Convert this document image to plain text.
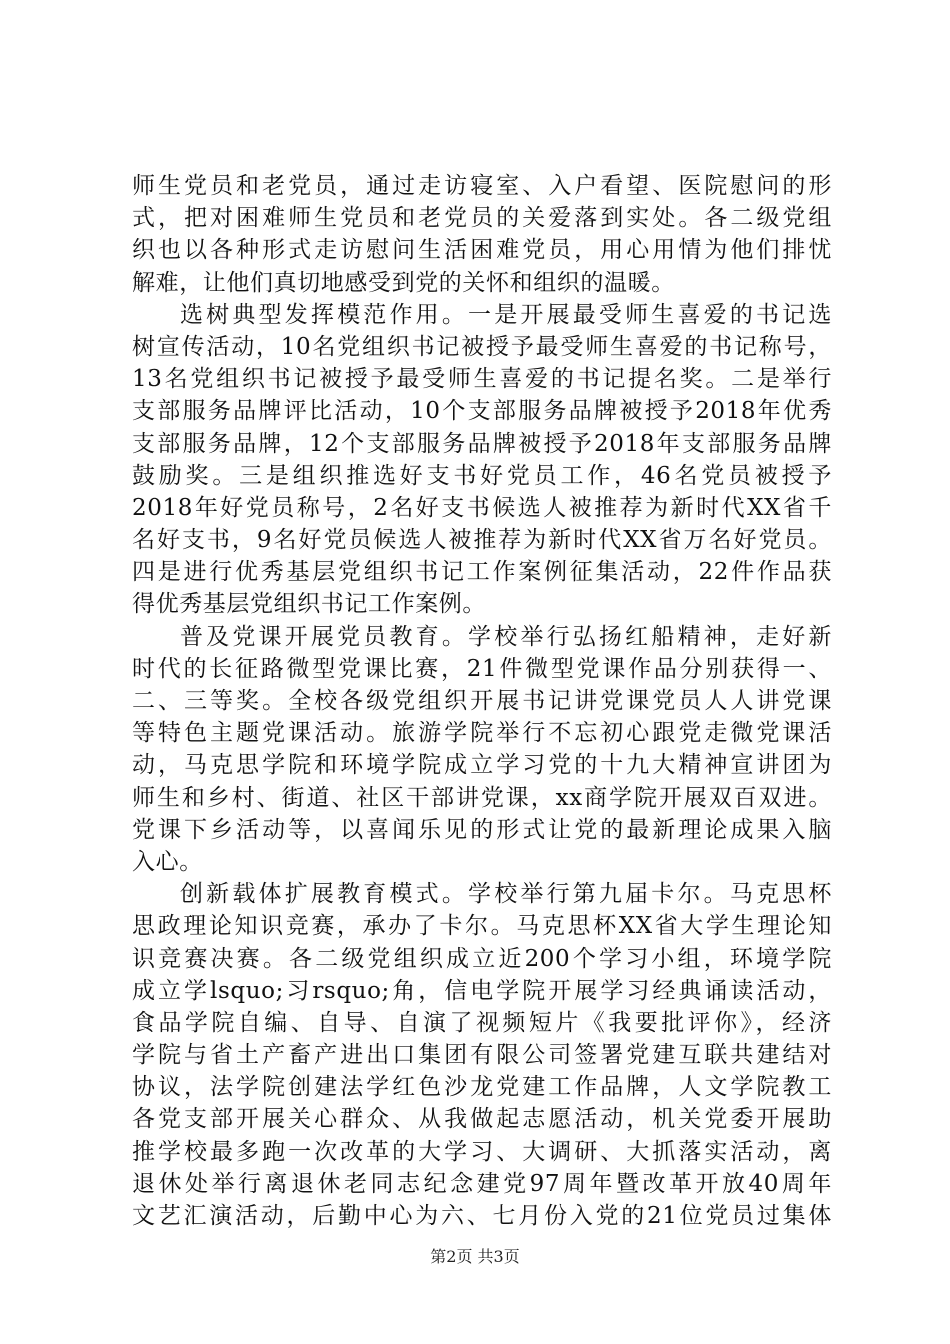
师生党员和老党员，通过走访寝室、入户看望、医院慰问的形
式，把对困难师生党员和老党员的关爱落到实处。各二级党组
织也以各种形式走访慰问生活困难党员，用心用情为他们排忧
解难，让他们真切地感受到党的关怀和组织的温暖。
选树典型发挥模范作用。一是开展最受师生喜爱的书记选
树宣传活动，10名党组织书记被授予最受师生喜爱的书记称号，
13名党组织书记被授予最受师生喜爱的书记提名奖。二是举行
支部服务品牌评比活动，10个支部服务品牌被授予2018年优秀
支部服务品牌，12个支部服务品牌被授予2018年支部服务品牌
鼓励奖。三是组织推选好支书好党员工作，46名党员被授予
2018年好党员称号，2名好支书候选人被推荐为新时代XX省千
名好支书，9名好党员候选人被推荐为新时代XX省万名好党员。
四是进行优秀基层党组织书记工作案例征集活动，22件作品获
得优秀基层党组织书记工作案例。
普及党课开展党员教育。学校举行弘扬红船精神，走好新
时代的长征路微型党课比赛，21件微型党课作品分别获得一、
二、三等奖。全校各级党组织开展书记讲党课党员人人讲党课
等特色主题党课活动。旅游学院举行不忘初心跟党走微党课活
动，马克思学院和环境学院成立学习党的十九大精神宣讲团为
师生和乡村、街道、社区干部讲党课，xx商学院开展双百双进。
党课下乡活动等，以喜闻乐见的形式让党的最新理论成果入脑
入心。
创新载体扩展教育模式。学校举行第九届卡尔。马克思杯
思政理论知识竞赛，承办了卡尔。马克思杯XX省大学生理论知
识竞赛决赛。各二级党组织成立近200个学习小组，环境学院
成立学lsquo;习rsquo;角，信电学院开展学习经典诵读活动，
食品学院自编、自导、自演了视频短片《我要批评你》，经济
学院与省土产畜产进出口集团有限公司签署党建互联共建结对
协议，法学院创建法学红色沙龙党建工作品牌，人文学院教工
各党支部开展关心群众、从我做起志愿活动，机关党委开展助
推学校最多跑一次改革的大学习、大调研、大抓落实活动，离
退休处举行离退休老同志纪念建党97周年暨改革开放40周年
文艺汇演活动，后勤中心为六、七月份入党的21位党员过集体
第2页 共3页
